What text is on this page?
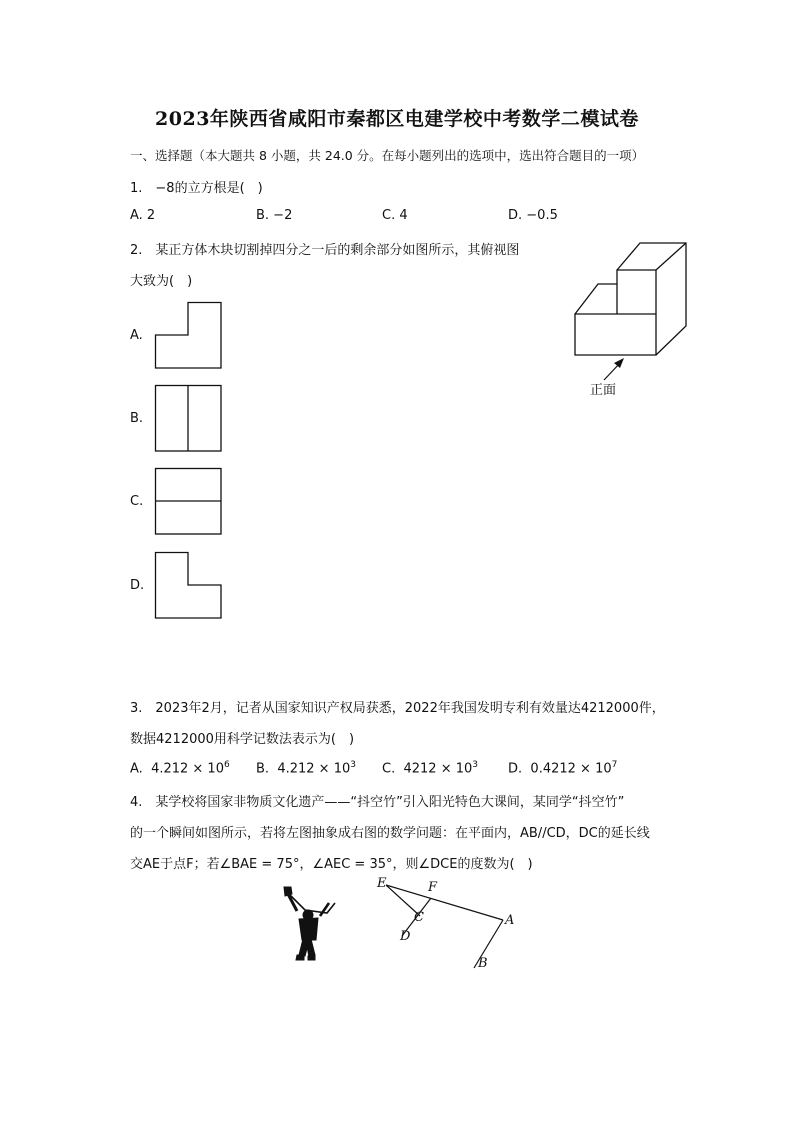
2023年陕西省咸阳市秦都区电建学校中考数学二模试卷
一、选择题（本大题共 8 小题，共 24.0 分。在每小题列出的选项中，选出符合题目的一项）
1.　−8的立方根是(　)
A. 2	B. −2	C. 4	D. −0.5
2.　某正方体木块切割掉四分之一后的剩余部分如图所示，其俯视图
大致为(　)
A.
B.
C.
D.
正面
3.　2023年2月，记者从国家知识产权局获悉，2022年我国发明专利有效量达4212000件，
数据4212000用科学记数法表示为(　)
A. $4.212 \times 10^6$ B. $4.212 \times 10^3$ C. $4212 \times 10^3$ D. $0.4212 \times 10^7$
4.　某学校将国家非物质文化遗产——“抖空竹”引入阳光特色大课间，某同学“抖空竹”
的一个瞬间如图所示，若将左图抽象成右图的数学问题：在平面内，AB//CD，DC的延长线
交AE于点F；若∠BAE = 75°，∠AEC = 35°，则∠DCE的度数为(　)
E	F
C	A
D
B
